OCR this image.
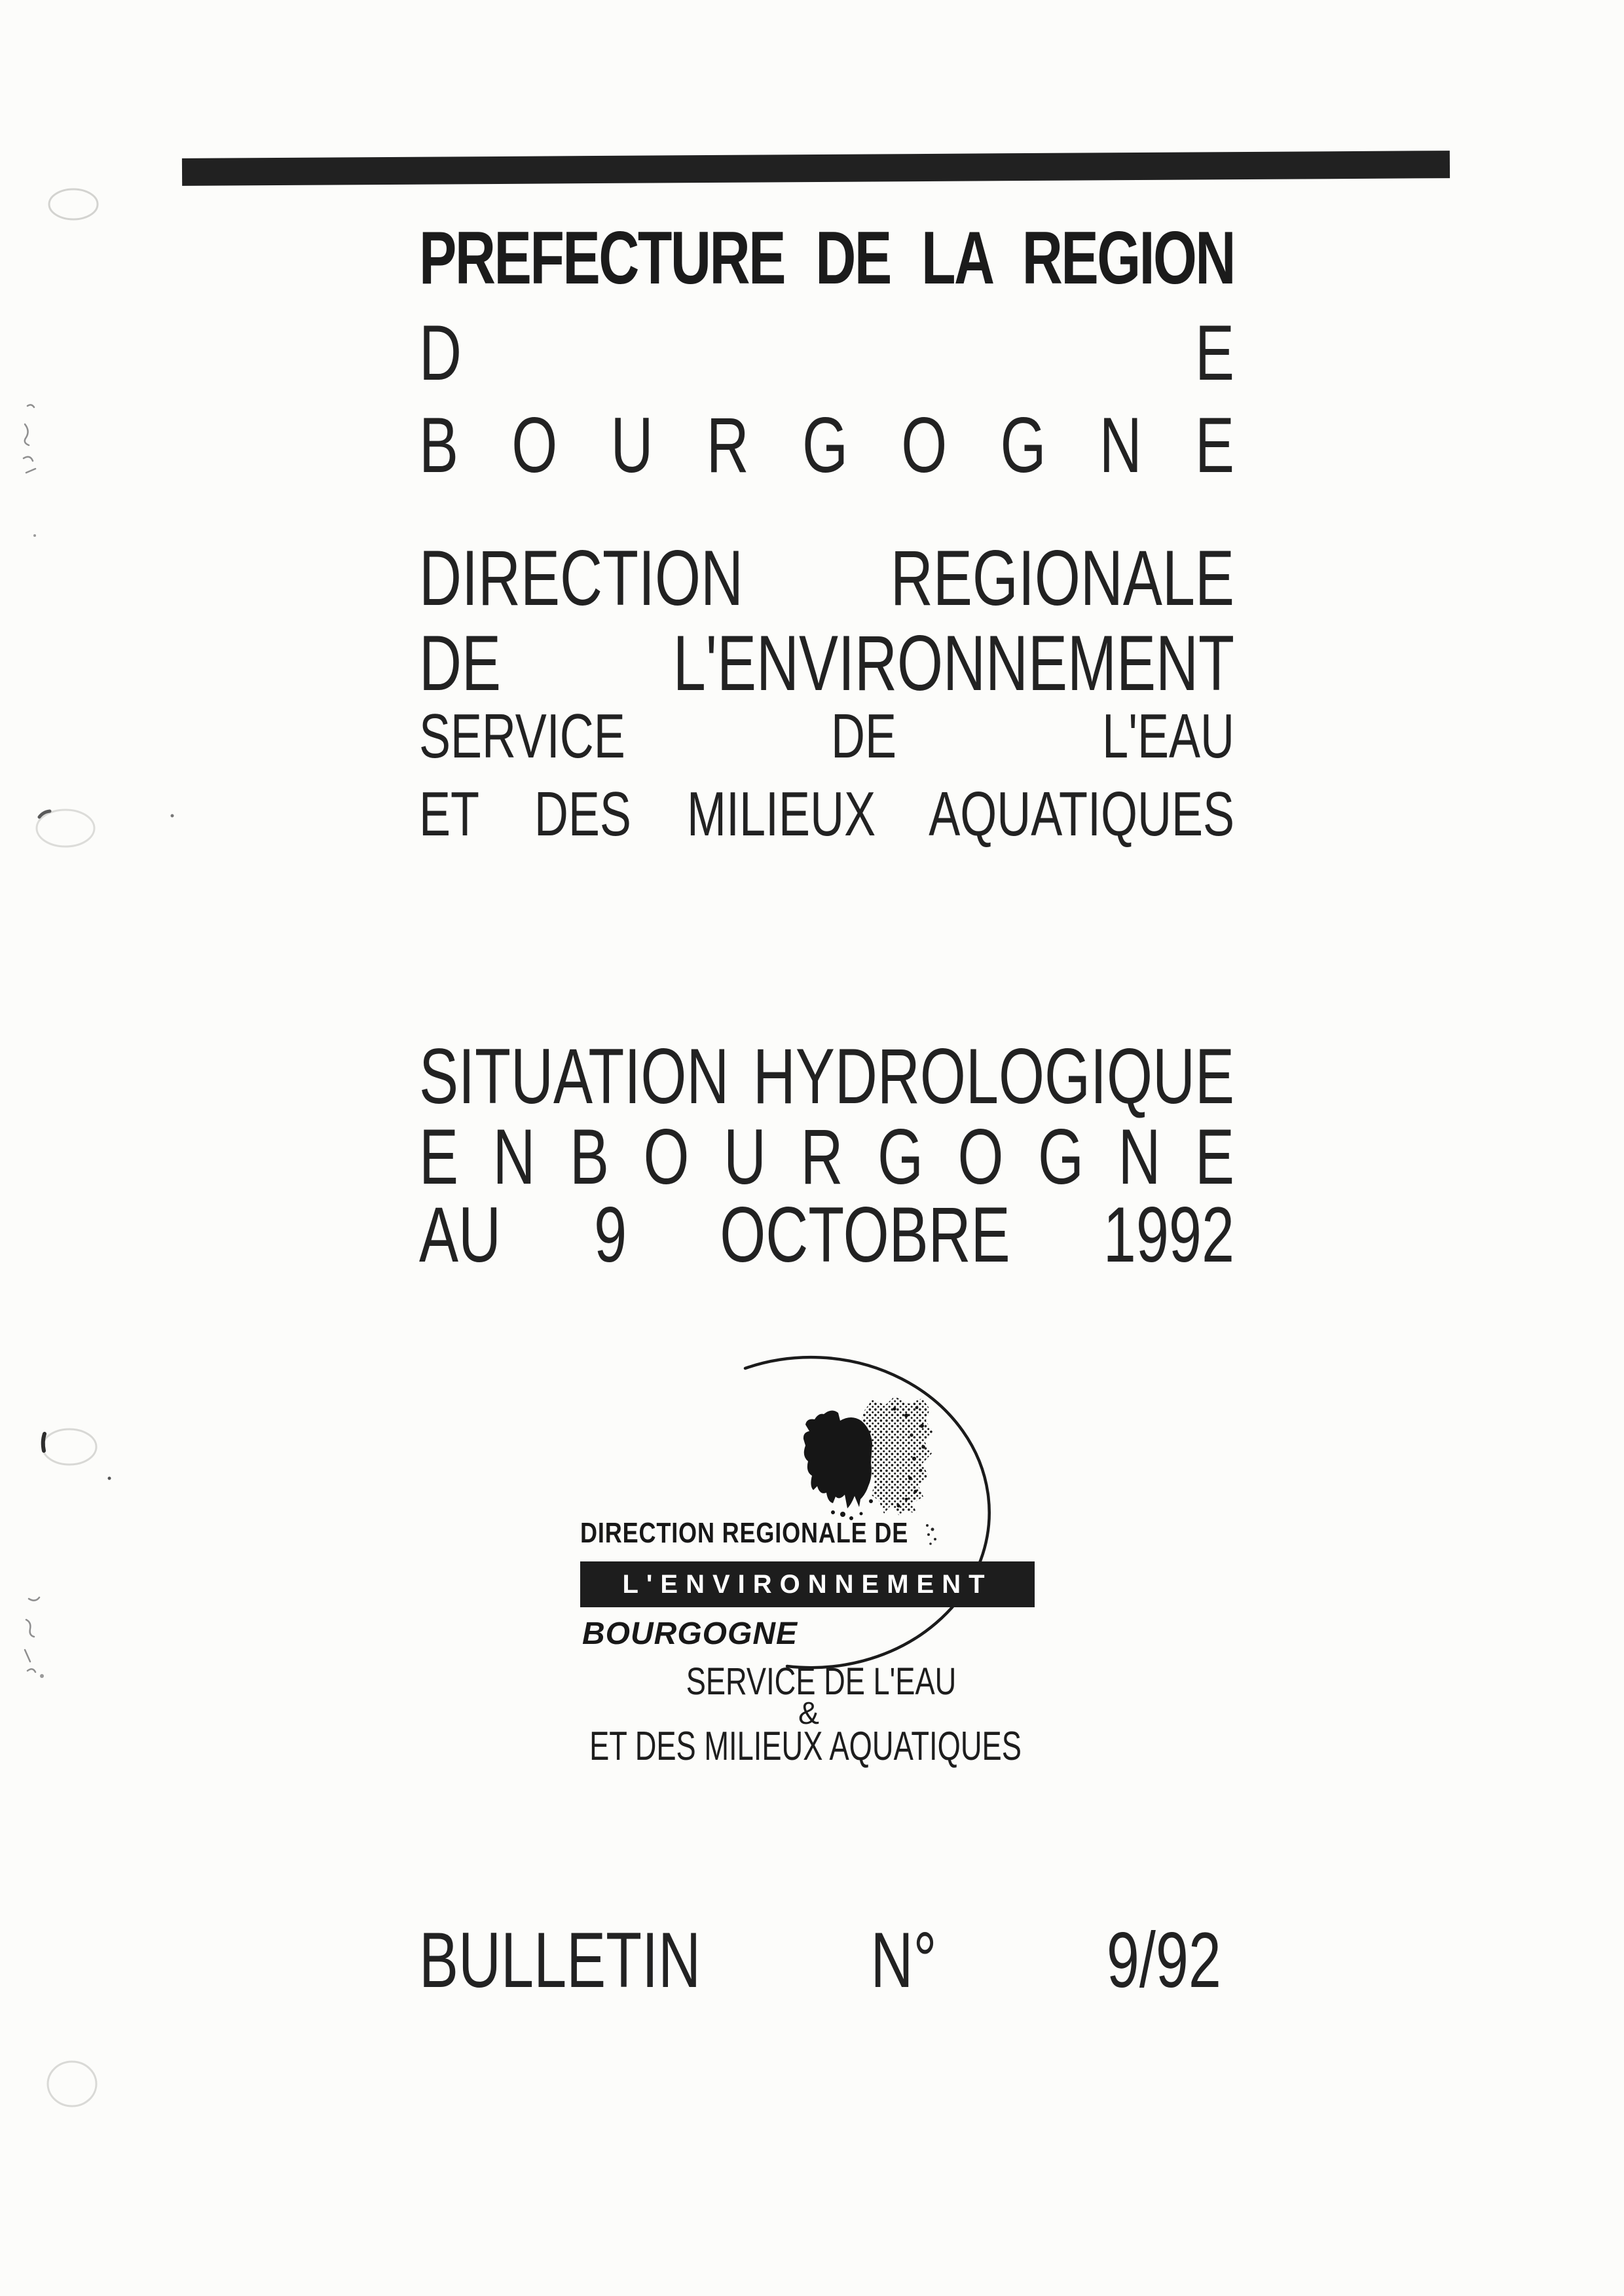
PREFECTURE DE LA REGION
D E
B O U R G O G N E
DIRECTION REGIONALE
DE L'ENVIRONNEMENT
SERVICE DE L'EAU
ET DES MILIEUX AQUATIQUES
SITUATION HYDROLOGIQUE
E N B O U R G O G N E
AU 9 OCTOBRE 1992
DIRECTION REGIONALE DE
L'ENVIRONNEMENT
BOURGOGNE
SERVICE DE L'EAU
&
ET DES MILIEUX AQUATIQUES
BULLETIN N° 9/92
